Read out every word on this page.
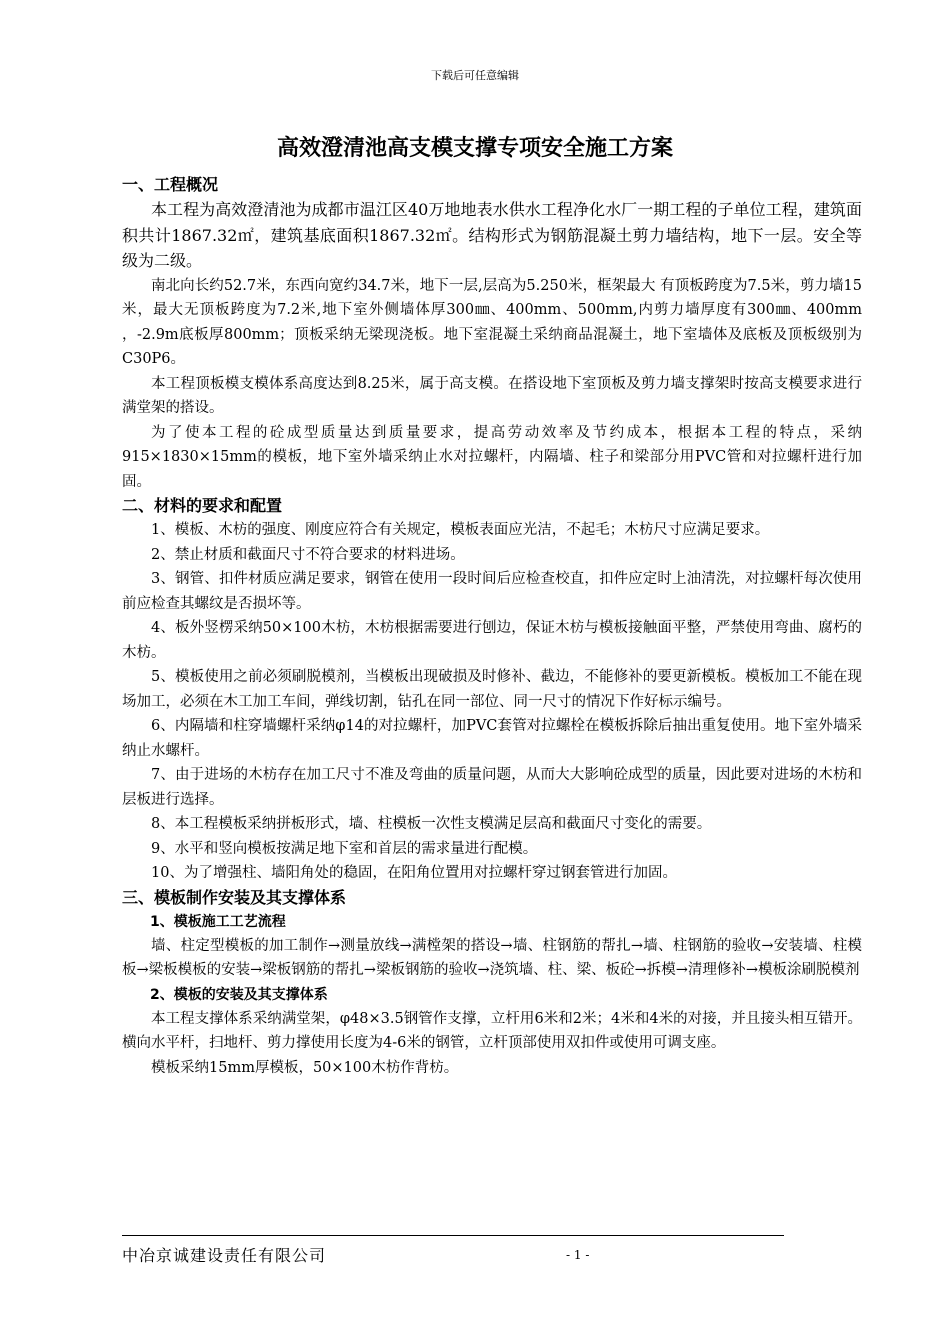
下载后可任意编辑
高效澄清池高支模支撑专项安全施工方案

一、工程概况

本工程为高效澄清池为成都市温江区40万地地表水供水工程净化水厂一期工程的子单位工程，建筑面积共计1867.32㎡，建筑基底面积1867.32㎡。结构形式为钢筋混凝土剪力墙结构，地下一层。安全等级为二级。

南北向长约52.7米，东西向宽约34.7米，地下一层,层高为5.250米，框架最大 有顶板跨度为7.5米，剪力墙15米，最大无顶板跨度为7.2米,地下室外侧墙体厚300㎜、400mm、500mm,内剪力墙厚度有300㎜、400mm ，-2.9m底板厚800mm；顶板采纳无梁现浇板。地下室混凝土采纳商品混凝土，地下室墙体及底板及顶板级别为C30P6。

本工程顶板模支模体系高度达到8.25米，属于高支模。在搭设地下室顶板及剪力墙支撑架时按高支模要求进行满堂架的搭设。

为了使本工程的砼成型质量达到质量要求，提高劳动效率及节约成本，根据本工程的特点，采纳915×1830×15mm的模板，地下室外墙采纳止水对拉螺杆，内隔墙、柱子和梁部分用PVC管和对拉螺杆进行加固。

二、材料的要求和配置

1、模板、木枋的强度、刚度应符合有关规定，模板表面应光洁，不起毛；木枋尺寸应满足要求。

2、禁止材质和截面尺寸不符合要求的材料进场。

3、钢管、扣件材质应满足要求，钢管在使用一段时间后应检查校直，扣件应定时上油清洗，对拉螺杆每次使用前应检查其螺纹是否损坏等。

4、板外竖楞采纳50×100木枋，木枋根据需要进行刨边，保证木枋与模板接触面平整，严禁使用弯曲、腐朽的木枋。

5、模板使用之前必须刷脱模剂，当模板出现破损及时修补、截边，不能修补的要更新模板。模板加工不能在现场加工，必须在木工加工车间，弹线切割，钻孔在同一部位、同一尺寸的情况下作好标示编号。

6、内隔墙和柱穿墙螺杆采纳φ14的对拉螺杆，加PVC套管对拉螺栓在模板拆除后抽出重复使用。地下室外墙采纳止水螺杆。

7、由于进场的木枋存在加工尺寸不准及弯曲的质量问题，从而大大影响砼成型的质量，因此要对进场的木枋和层板进行选择。

8、本工程模板采纳拼板形式，墙、柱模板一次性支模满足层高和截面尺寸变化的需要。

9、水平和竖向模板按满足地下室和首层的需求量进行配模。

10、为了增强柱、墙阳角处的稳固，在阳角位置用对拉螺杆穿过钢套管进行加固。

三、模板制作安装及其支撑体系

1、模板施工工艺流程

墙、柱定型模板的加工制作→测量放线→满樘架的搭设→墙、柱钢筋的帮扎→墙、柱钢筋的验收→安装墙、柱模板→梁板模板的安装→梁板钢筋的帮扎→梁板钢筋的验收→浇筑墙、柱、梁、板砼→拆模→清理修补→模板涂刷脱模剂

2、模板的安装及其支撑体系

本工程支撑体系采纳满堂架，φ48×3.5钢管作支撑，立杆用6米和2米；4米和4米的对接，并且接头相互错开。横向水平杆，扫地杆、剪力撑使用长度为4-6米的钢管，立杆顶部使用双扣件或使用可调支座。

模板采纳15mm厚模板，50×100木枋作背枋。

中冶京诚建设责任有限公司	- 1 -
